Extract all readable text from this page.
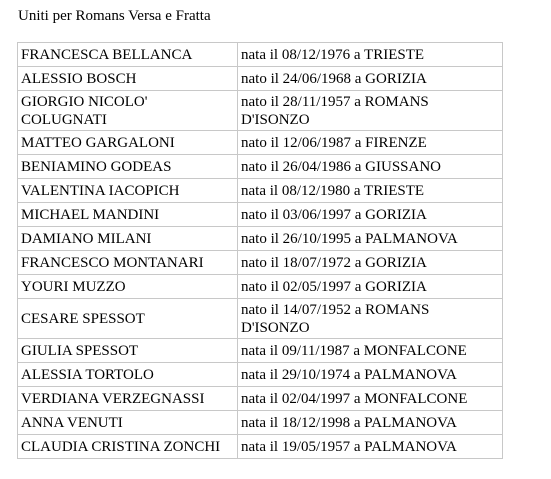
Uniti per Romans Versa e Fratta
FRANCESCA BELLANCA	nata il 08/12/1976 a TRIESTE
ALESSIO BOSCH	nato il 24/06/1968 a GORIZIA
GIORGIO NICOLO' COLUGNATI	nato il 28/11/1957 a ROMANS D'ISONZO
MATTEO GARGALONI	nato il 12/06/1987 a FIRENZE
BENIAMINO GODEAS	nato il 26/04/1986 a GIUSSANO
VALENTINA IACOPICH	nata il 08/12/1980 a TRIESTE
MICHAEL MANDINI	nato il 03/06/1997 a GORIZIA
DAMIANO MILANI	nato il 26/10/1995 a PALMANOVA
FRANCESCO MONTANARI	nato il 18/07/1972 a GORIZIA
YOURI MUZZO	nato il 02/05/1997 a GORIZIA
CESARE SPESSOT	nato il 14/07/1952 a ROMANS D'ISONZO
GIULIA SPESSOT	nata il 09/11/1987 a MONFALCONE
ALESSIA TORTOLO	nata il 29/10/1974 a PALMANOVA
VERDIANA VERZEGNASSI	nata il 02/04/1997 a MONFALCONE
ANNA VENUTI	nata il 18/12/1998 a PALMANOVA
CLAUDIA CRISTINA ZONCHI	nata il 19/05/1957 a PALMANOVA
